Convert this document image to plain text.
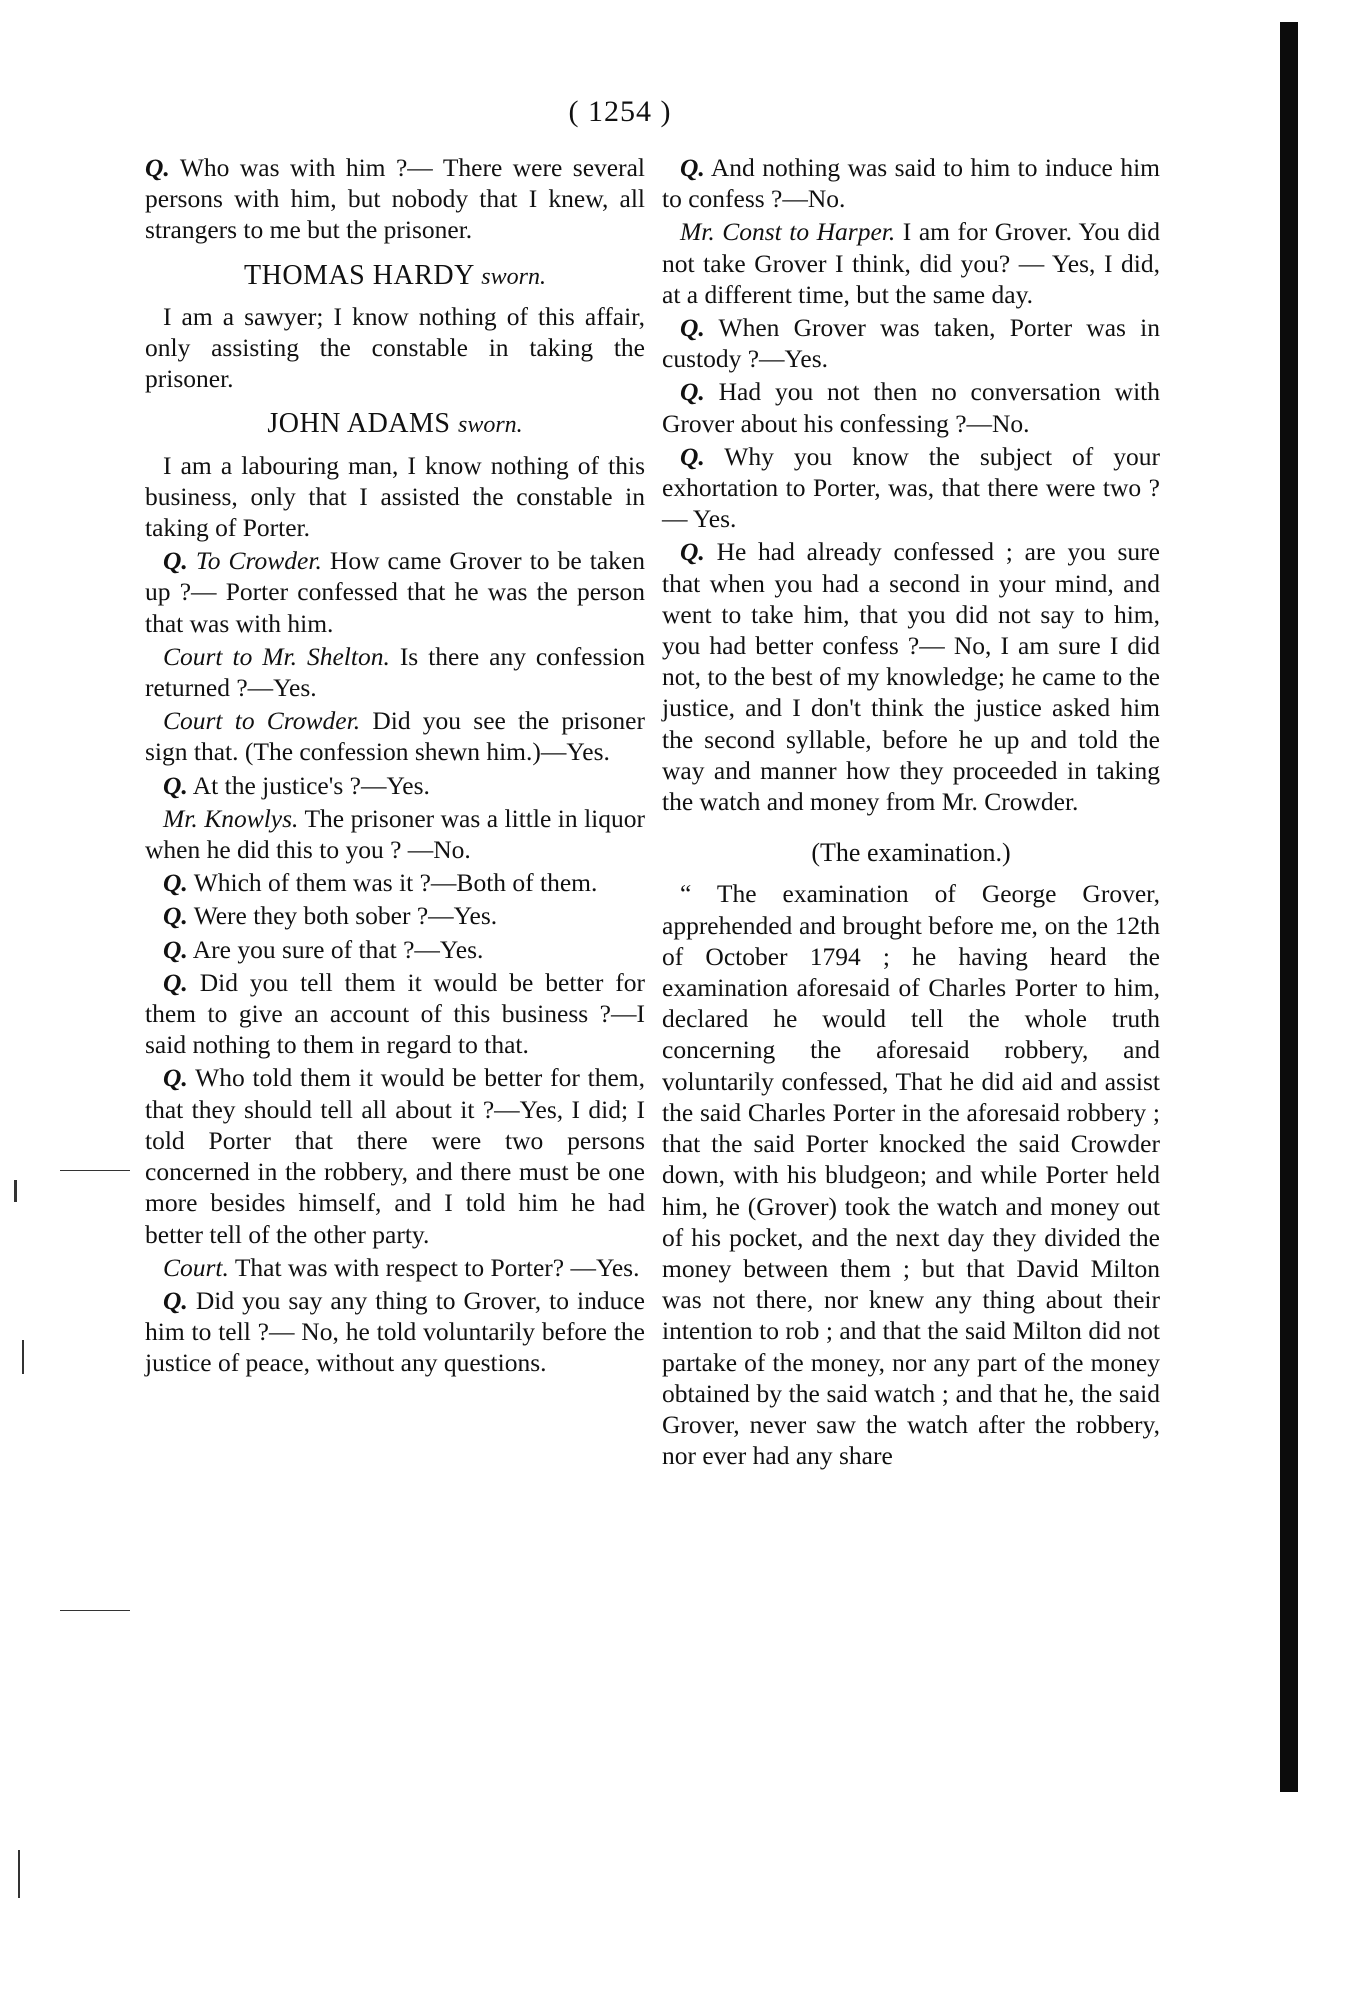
( 1254 )

Q. Who was with him ?— There were several persons with him, but nobody that I knew, all strangers to me but the prisoner.

THOMAS HARDY sworn.

I am a sawyer; I know nothing of this affair, only assisting the constable in taking the prisoner.

JOHN ADAMS sworn.

I am a labouring man, I know nothing of this business, only that I assisted the constable in taking of Porter.

Q. To Crowder. How came Grover to be taken up ?— Porter confessed that he was the person that was with him.

Court to Mr. Shelton. Is there any confession returned ?—Yes.

Court to Crowder. Did you see the prisoner sign that. (The confession shewn him.)—Yes.

Q. At the justice's ?—Yes.

Mr. Knowlys. The prisoner was a little in liquor when he did this to you ? —No.

Q. Which of them was it ?—Both of them.

Q. Were they both sober ?—Yes.

Q. Are you sure of that ?—Yes.

Q. Did you tell them it would be better for them to give an account of this business ?—I said nothing to them in regard to that.

Q. Who told them it would be better for them, that they should tell all about it ?—Yes, I did; I told Porter that there were two persons concerned in the robbery, and there must be one more besides himself, and I told him he had better tell of the other party.

Court. That was with respect to Porter? —Yes.

Q. Did you say any thing to Grover, to induce him to tell ?— No, he told voluntarily before the justice of peace, without any questions.

Q. And nothing was said to him to induce him to confess ?—No.

Mr. Const to Harper. I am for Grover. You did not take Grover I think, did you? — Yes, I did, at a different time, but the same day.

Q. When Grover was taken, Porter was in custody ?—Yes.

Q. Had you not then no conversation with Grover about his confessing ?—No.

Q. Why you know the subject of your exhortation to Porter, was, that there were two ?— Yes.

Q. He had already confessed ; are you sure that when you had a second in your mind, and went to take him, that you did not say to him, you had better confess ?— No, I am sure I did not, to the best of my knowledge; he came to the justice, and I don't think the justice asked him the second syllable, before he up and told the way and manner how they proceeded in taking the watch and money from Mr. Crowder.

(The examination.)

“ The examination of George Grover, apprehended and brought before me, on the 12th of October 1794 ; he having heard the examination aforesaid of Charles Porter to him, declared he would tell the whole truth concerning the aforesaid robbery, and voluntarily confessed, That he did aid and assist the said Charles Porter in the aforesaid robbery ; that the said Porter knocked the said Crowder down, with his bludgeon; and while Porter held him, he (Grover) took the watch and money out of his pocket, and the next day they divided the money between them ; but that David Milton was not there, nor knew any thing about their intention to rob ; and that the said Milton did not partake of the money, nor any part of the money obtained by the said watch ; and that he, the said Grover, never saw the watch after the robbery, nor ever had any share
